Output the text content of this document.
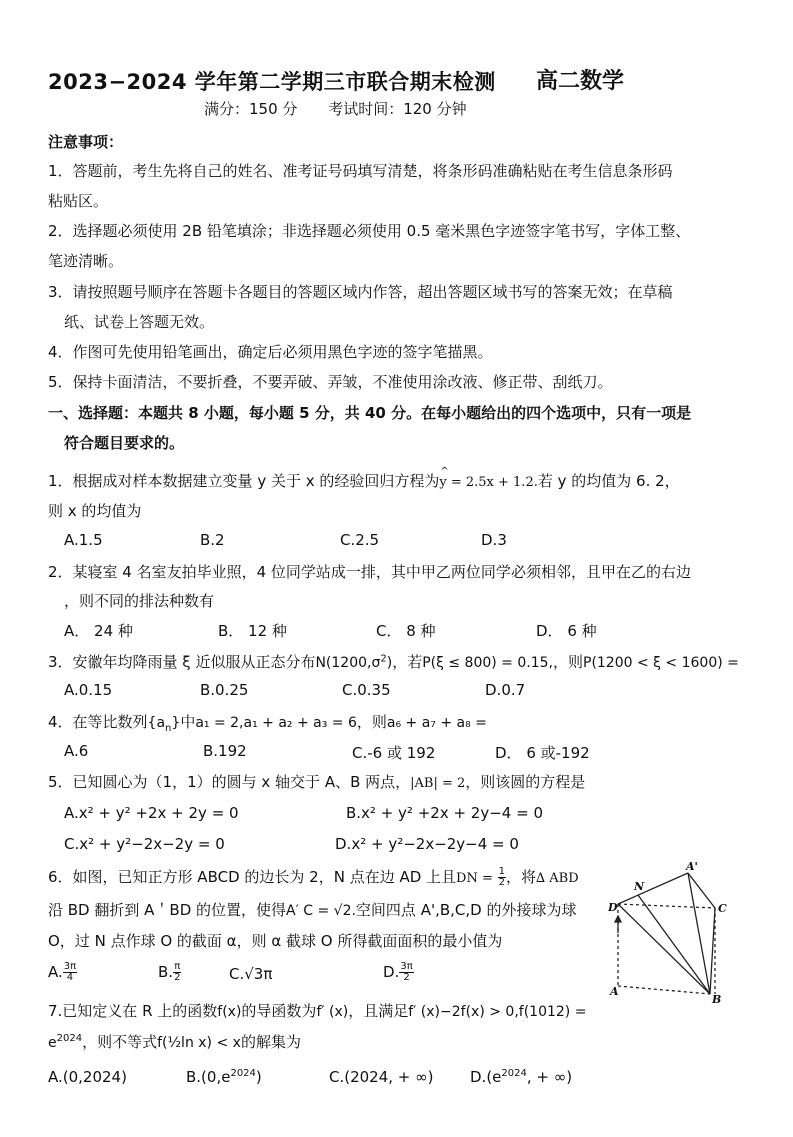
2023−2024 学年第二学期三市联合期末检测 高二数学
满分：150 分 考试时间：120 分钟
注意事项：
1．答题前，考生先将自己的姓名、准考证号码填写清楚，将条形码准确粘贴在考生信息条形码
粘贴区。
2．选择题必须使用 2B 铅笔填涂；非选择题必须使用 0.5 毫米黑色字迹签字笔书写，字体工整、
笔迹清晰。
3．请按照题号顺序在答题卡各题目的答题区域内作答，超出答题区域书写的答案无效；在草稿
纸、试卷上答题无效。
4．作图可先使用铅笔画出，确定后必须用黑色字迹的签字笔描黑。
5．保持卡面清洁，不要折叠，不要弄破、弄皱，不准使用涂改液、修正带、刮纸刀。
一、选择题：本题共 8 小题，每小题 5 分，共 40 分。在每小题给出的四个选项中，只有一项是
符合题目要求的。
1．根据成对样本数据建立变量 y 关于 x 的经验回归方程为^ y = 2.5x + 1.2.若 y 的均值为 6. 2，
则 x 的均值为
A.1.5	B.2	C.2.5	D.3
2．某寝室 4 名室友拍毕业照，4 位同学站成一排，其中甲乙两位同学必须相邻，且甲在乙的右边
，则不同的排法种数有
A． 24 种	B． 12 种	C． 8 种	D． 6 种
3．安徽年均降雨量 ξ 近似服从正态分布$N(1200,\sigma^2)$，若P(ξ ≤ 800) = 0.15,，则P(1200 < ξ < 1600) =
A.0.15	B.0.25	C.0.35	D.0.7
4．在等比数列$\{a_n\}$中a₁ = 2,a₁ + a₂ + a₃ = 6，则a₆ + a₇ + a₈ =
A.6	B.192	C.-6 或 192	D． 6 或-192
5．已知圆心为（1，1）的圆与 x 轴交于 A、B 两点，|AB| = 2，则该圆的方程是
A.x² + y² +2x + 2y = 0	B.x² + y² +2x + 2y−4 = 0
C.x² + y²−2x−2y = 0	D.x² + y²−2x−2y−4 = 0
6．如图，已知正方形 ABCD 的边长为 2，N 点在边 AD 上且DN = $\frac{1}{2}$ ，将∆ ABD
沿 BD 翻折到 A＇BD 的位置，使得A′ C = √2.空间四点 A',B,C,D 的外接球为球
O，过 N 点作球 O 的截面 α，则 α 截球 O 所得截面面积的最小值为
A. $\frac{3\pi}{4}$	B. $\frac{\pi}{2}$	C.√3π	D. $\frac{3\pi}{2}$
N
A'
D	C
A
B
7.已知定义在 R 上的函数f(x)的导函数为f′ (x)，且满足f′ (x)−2f(x) > 0,f(1012) =
$e^{2024}$，则不等式f(½ln x) < x的解集为
A.(0,2024)	$B.(0,e^{2024})$	C.(2024, + ∞) $D.(e^{2024}$, + ∞)
